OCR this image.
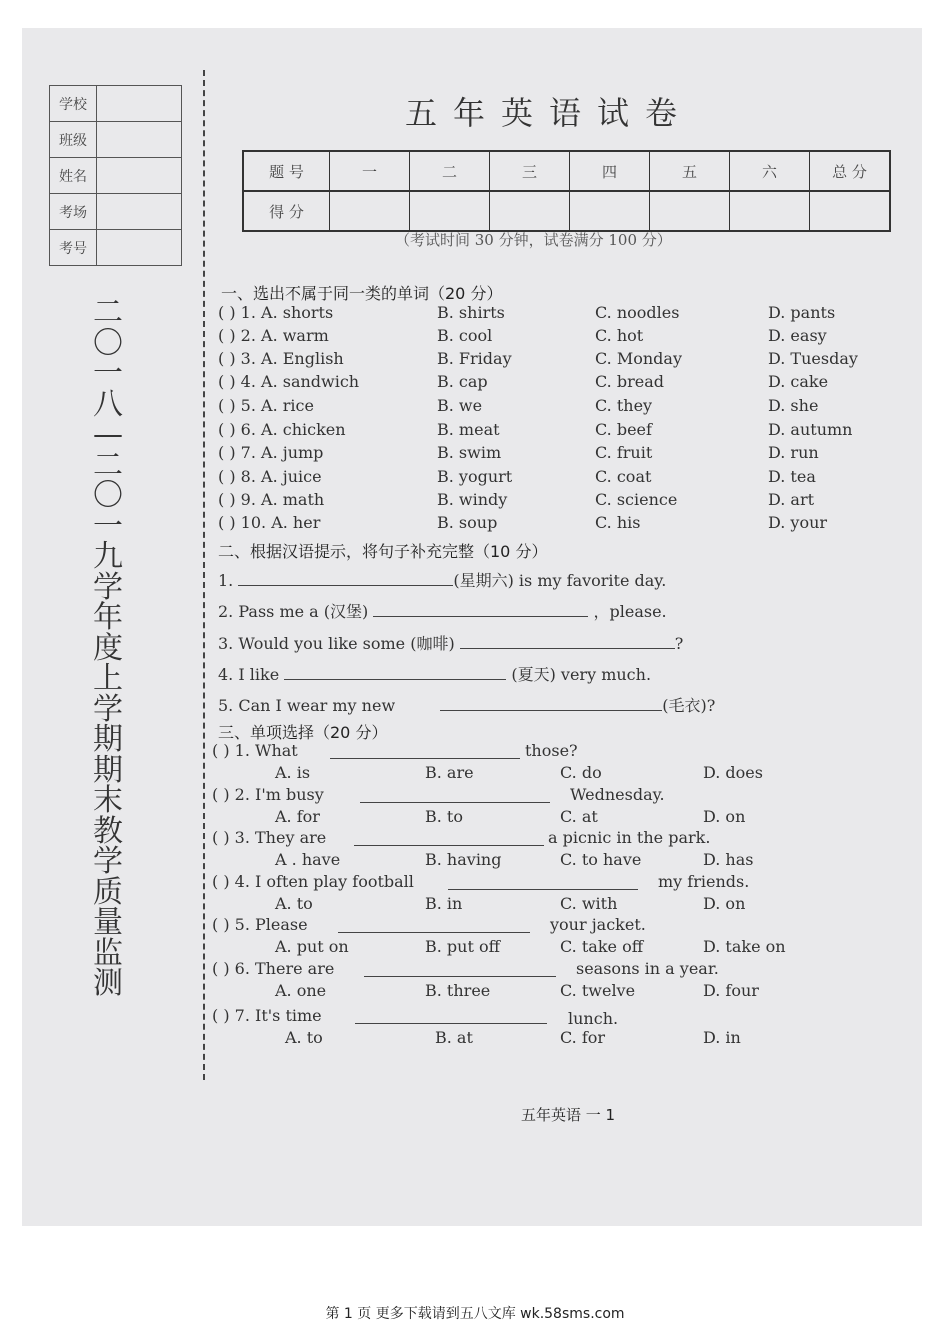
学校	
班级	
姓名	
考场	
考号	
二〇一八—二〇一九学年度上学期期末教学质量监测
五年英语试卷
题 号	一	二	三	四	五	六	总 分
得 分							
（考试时间 30 分钟，试卷满分 100 分）
一、选出不属于同一类的单词（20 分）
( ) 1. A. shorts	B. shirts	C. noodles	D. pants
( ) 2. A. warm	B. cool	C. hot	D. easy
( ) 3. A. English	B. Friday	C. Monday	D. Tuesday
( ) 4. A. sandwich	B. cap	C. bread	D. cake
( ) 5. A. rice	B. we	C. they	D. she
( ) 6. A. chicken	B. meat	C. beef	D. autumn
( ) 7. A. jump	B. swim	C. fruit	D. run
( ) 8. A. juice	B. yogurt	C. coat	D. tea
( ) 9. A. math	B. windy	C. science	D. art
( ) 10. A. her	B. soup	C. his	D. your
二、根据汉语提示，将句子补充完整（10 分）
1.	(星期六) is my favorite day.
2. Pass me a (汉堡)	，please.
3. Would you like some (咖啡)	?
4. I like	(夏天) very much.
5. Can I wear my new	(毛衣)?
三、单项选择（20 分）
( ) 1. What	those?
A. is	B. are	C. do	D. does
( ) 2. I'm busy	Wednesday.
A. for	B. to	C. at	D. on
( ) 3. They are	a picnic in the park.
A . have	B. having	C. to have	D. has
( ) 4. I often play football	my friends.
A. to	B. in	C. with	D. on
( ) 5. Please	your jacket.
A. put on	B. put off	C. take off	D. take on
( ) 6. There are	seasons in a year.
A. one	B. three	C. twelve	D. four
( ) 7. It's time	lunch.
A. to	B. at	C. for	D. in
五年英语 一 1
第 1 页 更多下载请到五八文库 wk.58sms.com
